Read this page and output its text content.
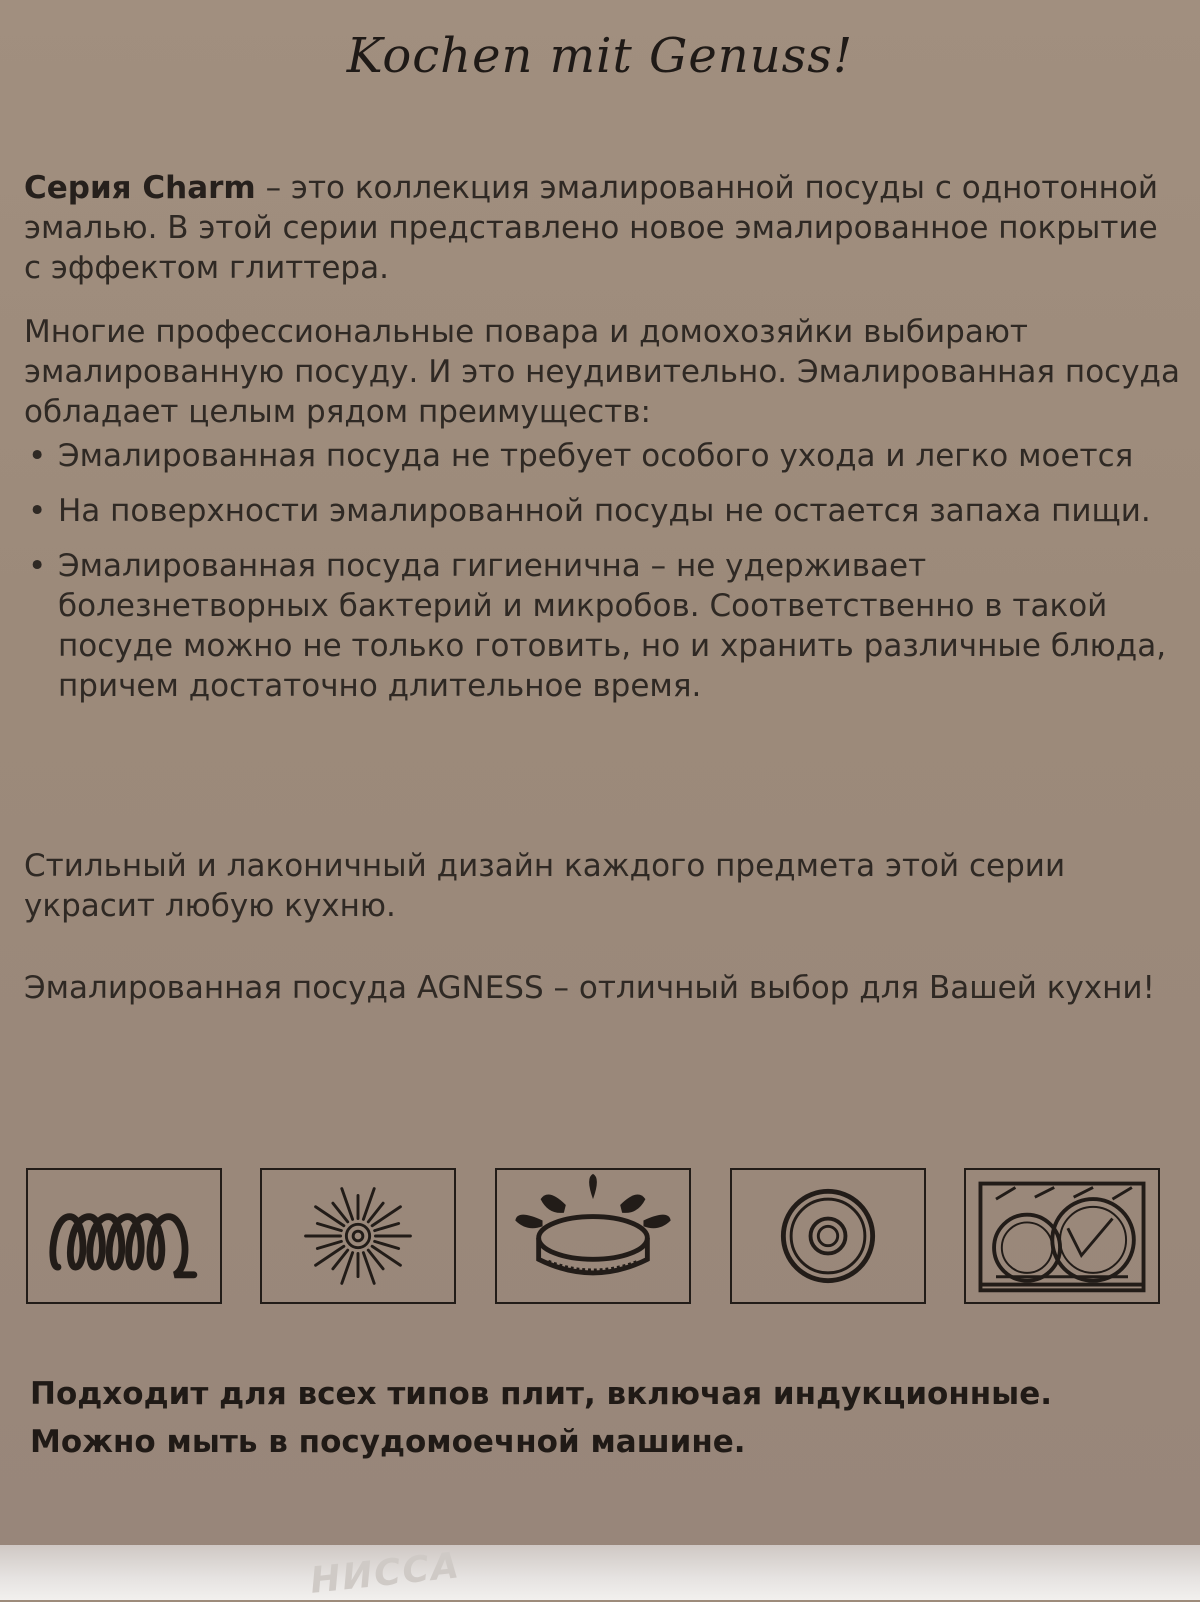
Kochen mit Genuss!

Серия Charm – это коллекция эмалированной посуды с однотонной эмалью. В этой серии представлено новое эмалированное покрытие с эффектом глиттера.

Многие профессиональные повара и домохозяйки выбирают эмалированную посуду. И это неудивительно. Эмалированная посуда обладает целым рядом преимуществ:

• Эмалированная посуда не требует особого ухода и легко моется
• На поверхности эмалированной посуды не остается запаха пищи.
• Эмалированная посуда гигиенична – не удерживает болезнетворных бактерий и микробов. Соответственно в такой посуде можно не только готовить, но и хранить различные блюда, причем достаточно длительное время.

Стильный и лаконичный дизайн каждого предмета этой серии украсит любую кухню.

Эмалированная посуда AGNESS – отличный выбор для Вашей кухни!

Подходит для всех типов плит, включая индукционные.
Можно мыть в посудомоечной машине.
НИССА
